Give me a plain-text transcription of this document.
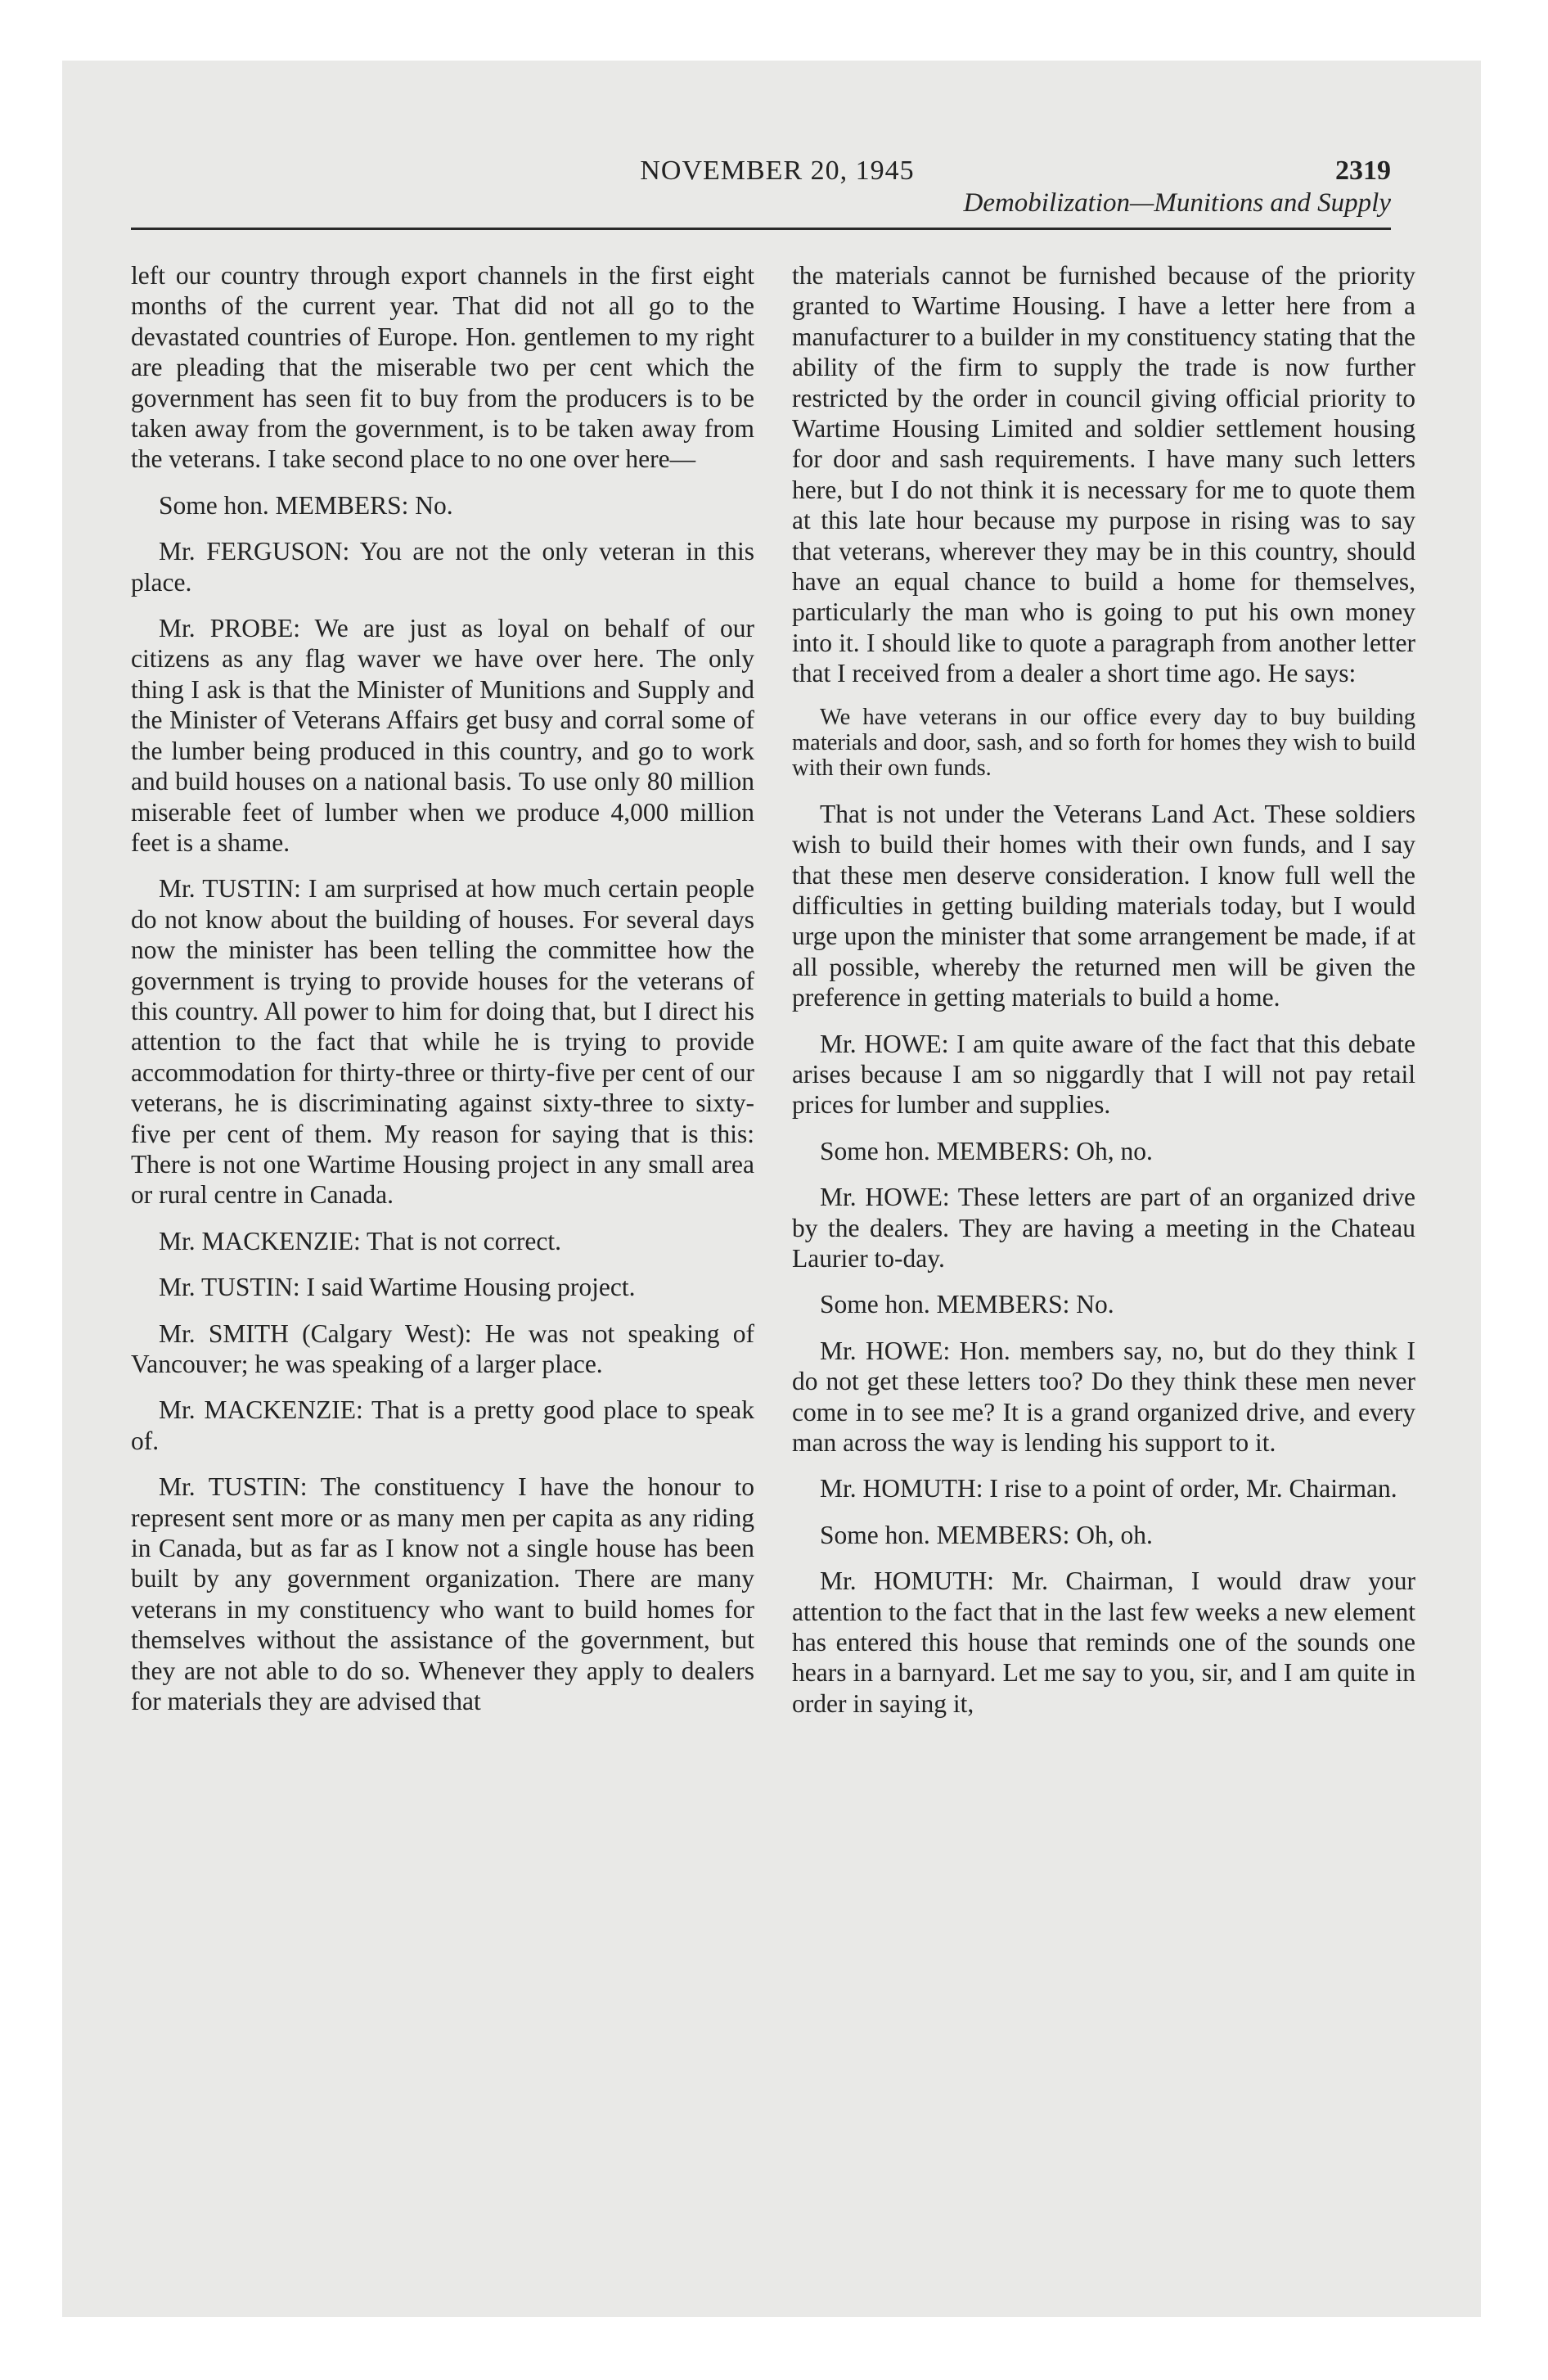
NOVEMBER 20, 1945	2319
Demobilization—Munitions and Supply

left our country through export channels in the first eight months of the current year. That did not all go to the devastated countries of Europe. Hon. gentlemen to my right are pleading that the miserable two per cent which the government has seen fit to buy from the producers is to be taken away from the government, is to be taken away from the veterans. I take second place to no one over here—

Some hon. MEMBERS: No.

Mr. FERGUSON: You are not the only veteran in this place.

Mr. PROBE: We are just as loyal on behalf of our citizens as any flag waver we have over here. The only thing I ask is that the Minister of Munitions and Supply and the Minister of Veterans Affairs get busy and corral some of the lumber being produced in this country, and go to work and build houses on a national basis. To use only 80 million miserable feet of lumber when we produce 4,000 million feet is a shame.

Mr. TUSTIN: I am surprised at how much certain people do not know about the building of houses. For several days now the minister has been telling the committee how the government is trying to provide houses for the veterans of this country. All power to him for doing that, but I direct his attention to the fact that while he is trying to provide accommodation for thirty-three or thirty-five per cent of our veterans, he is discriminating against sixty-three to sixty-five per cent of them. My reason for saying that is this: There is not one Wartime Housing project in any small area or rural centre in Canada.

Mr. MACKENZIE: That is not correct.

Mr. TUSTIN: I said Wartime Housing project.

Mr. SMITH (Calgary West): He was not speaking of Vancouver; he was speaking of a larger place.

Mr. MACKENZIE: That is a pretty good place to speak of.

Mr. TUSTIN: The constituency I have the honour to represent sent more or as many men per capita as any riding in Canada, but as far as I know not a single house has been built by any government organization. There are many veterans in my constituency who want to build homes for themselves without the assistance of the government, but they are not able to do so. Whenever they apply to dealers for materials they are advised that

the materials cannot be furnished because of the priority granted to Wartime Housing. I have a letter here from a manufacturer to a builder in my constituency stating that the ability of the firm to supply the trade is now further restricted by the order in council giving official priority to Wartime Housing Limited and soldier settlement housing for door and sash requirements. I have many such letters here, but I do not think it is necessary for me to quote them at this late hour because my purpose in rising was to say that veterans, wherever they may be in this country, should have an equal chance to build a home for themselves, particularly the man who is going to put his own money into it. I should like to quote a paragraph from another letter that I received from a dealer a short time ago. He says:

We have veterans in our office every day to buy building materials and door, sash, and so forth for homes they wish to build with their own funds.

That is not under the Veterans Land Act. These soldiers wish to build their homes with their own funds, and I say that these men deserve consideration. I know full well the difficulties in getting building materials today, but I would urge upon the minister that some arrangement be made, if at all possible, whereby the returned men will be given the preference in getting materials to build a home.

Mr. HOWE: I am quite aware of the fact that this debate arises because I am so niggardly that I will not pay retail prices for lumber and supplies.

Some hon. MEMBERS: Oh, no.

Mr. HOWE: These letters are part of an organized drive by the dealers. They are having a meeting in the Chateau Laurier to-day.

Some hon. MEMBERS: No.

Mr. HOWE: Hon. members say, no, but do they think I do not get these letters too? Do they think these men never come in to see me? It is a grand organized drive, and every man across the way is lending his support to it.

Mr. HOMUTH: I rise to a point of order, Mr. Chairman.

Some hon. MEMBERS: Oh, oh.

Mr. HOMUTH: Mr. Chairman, I would draw your attention to the fact that in the last few weeks a new element has entered this house that reminds one of the sounds one hears in a barnyard. Let me say to you, sir, and I am quite in order in saying it,
